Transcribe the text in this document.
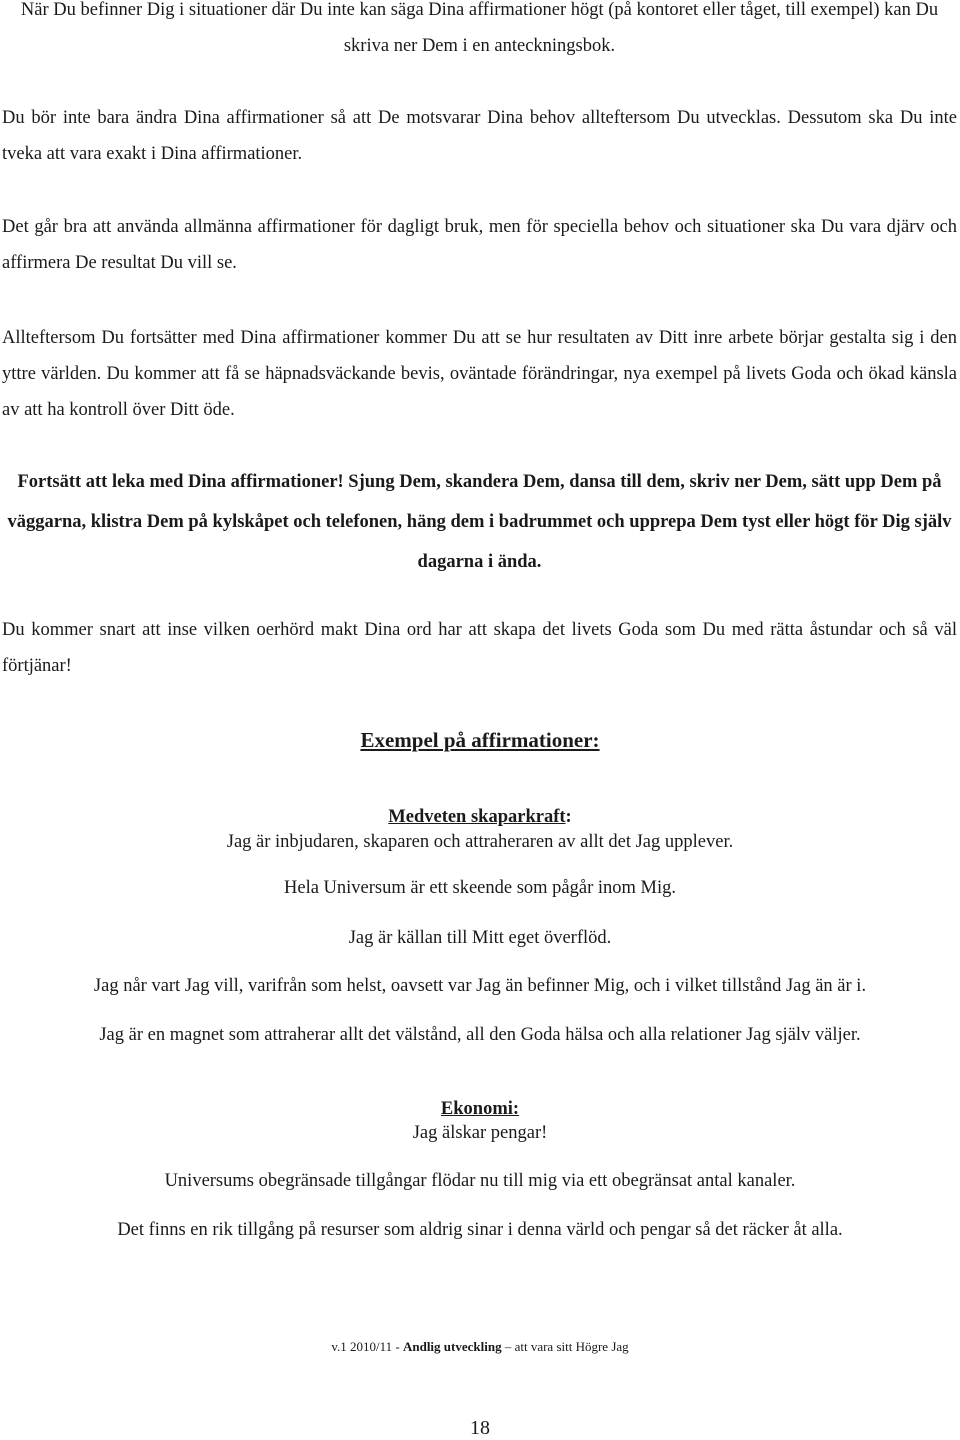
När Du befinner Dig i situationer där Du inte kan säga Dina affirmationer högt (på kontoret eller tåget, till exempel) kan Du skriva ner Dem i en anteckningsbok.

Du bör inte bara ändra Dina affirmationer så att De motsvarar Dina behov allteftersom Du utvecklas. Dessutom ska Du inte tveka att vara exakt i Dina affirmationer.

Det går bra att använda allmänna affirmationer för dagligt bruk, men för speciella behov och situationer ska Du vara djärv och affirmera De resultat Du vill se.

Allteftersom Du fortsätter med Dina affirmationer kommer Du att se hur resultaten av Ditt inre arbete börjar gestalta sig i den yttre världen. Du kommer att få se häpnadsväckande bevis, oväntade förändringar, nya exempel på livets Goda och ökad känsla av att ha kontroll över Ditt öde.

Fortsätt att leka med Dina affirmationer! Sjung Dem, skandera Dem, dansa till dem, skriv ner Dem, sätt upp Dem på väggarna, klistra Dem på kylskåpet och telefonen, häng dem i badrummet och upprepa Dem tyst eller högt för Dig själv dagarna i ända.

Du kommer snart att inse vilken oerhörd makt Dina ord har att skapa det livets Goda som Du med rätta åstundar och så väl förtjänar!

Exempel på affirmationer:

Medveten skaparkraft:

Jag är inbjudaren, skaparen och attraheraren av allt det Jag upplever.

Hela Universum är ett skeende som pågår inom Mig.

Jag är källan till Mitt eget överflöd.

Jag når vart Jag vill, varifrån som helst, oavsett var Jag än befinner Mig, och i vilket tillstånd Jag än är i.

Jag är en magnet som attraherar allt det välstånd, all den Goda hälsa och alla relationer Jag själv väljer.

Ekonomi:

Jag älskar pengar!

Universums obegränsade tillgångar flödar nu till mig via ett obegränsat antal kanaler.

Det finns en rik tillgång på resurser som aldrig sinar i denna värld och pengar så det räcker åt alla.

v.1 2010/11 - Andlig utveckling – att vara sitt Högre Jag
18
